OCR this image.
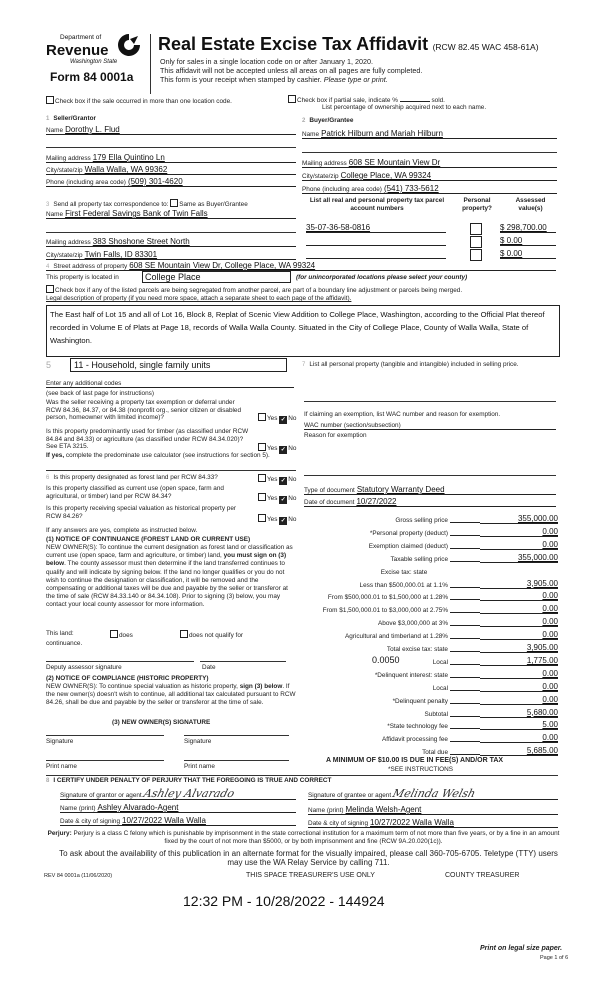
Department of
Revenue
Washington State
Form 84 0001a
Real Estate Excise Tax Affidavit (RCW 82.45 WAC 458-61A)
Only for sales in a single location code on or after January 1, 2020.
This affidavit will not be accepted unless all areas on all pages are fully completed.
This form is your receipt when stamped by cashier. Please type or print.
Check box if the sale occurred in more than one location code.	Check box if partial sale, indicate %	sold.
List percentage of ownership acquired next to each name.
1 Seller/Grantor
Name Dorothy L. Flud
Mailing address 179 Ella Quintino Ln
City/state/zip Walla Walla, WA 99362
Phone (including area code) (509) 301-4620
2 Buyer/Grantee
Name Patrick Hilburn and Mariah Hilburn
Mailing address 608 SE Mountain View Dr
City/state/zip College Place, WA 99324
Phone (including area code) (541) 733-5612
3 Send all property tax correspondence to: Same as Buyer/Grantee
Name First Federal Savings Bank of Twin Falls
Mailing address 383 Shoshone Street North
City/state/zip Twin Falls, ID 83301
List all real and personal property tax parcel account numbers
Personal property?
Assessed value(s)
35-07-36-58-0816	$ 298,700.00
$ 0.00
$ 0.00
4 Street address of property 608 SE Mountain View Dr, College Place, WA 99324
This property is located in	College Place	(for unincorporated locations please select your county)
Check box if any of the listed parcels are being segregated from another parcel, are part of a boundary line adjustment or parcels being merged.
Legal description of property (if you need more space, attach a separate sheet to each page of the affidavit).
The East half of Lot 15 and all of Lot 16, Block 8, Replat of Scenic View Addition to College Place, Washington, according to the Official Plat thereof recorded in Volume E of Plats at Page 18, records of Walla Walla County. Situated in the City of College Place, County of Walla Walla, State of Washington.
5	11 - Household, single family units
Enter any additional codes
(see back of last page for instructions)
Was the seller receiving a property tax exemption or deferral under RCW 84.36, 84.37, or 84.38 (nonprofit org., senior citizen or disabled person, homeowner with limited income)?	Yes ✓ No
Is this property predominantly used for timber (as classified under RCW 84.84 and 84.33) or agriculture (as classified under RCW 84.34.020)? See ETA 3215.	Yes ✓ No
If yes, complete the predominate use calculator (see instructions for section 5).
6 Is this property designated as forest land per RCW 84.33?	Yes ✓ No
Is this property classified as current use (open space, farm and agricultural, or timber) land per RCW 84.34?	Yes ✓ No
Is this property receiving special valuation as historical property per RCW 84.26?	Yes ✓ No
If any answers are yes, complete as instructed below.
(1) NOTICE OF CONTINUANCE (FOREST LAND OR CURRENT USE)
NEW OWNER(S): To continue the current designation as forest land or classification as current use (open space, farm and agriculture, or timber) land, you must sign on (3) below. The county assessor must then determine if the land transferred continues to qualify and will indicate by signing below. If the land no longer qualifies or you do not wish to continue the designation or classification, it will be removed and the compensating or additional taxes will be due and payable by the seller or transferor at the time of sale (RCW 84.33.140 or 84.34.108). Prior to signing (3) below, you may contact your local county assessor for more information.
This land:	does	does not qualify for
continuance.
Deputy assessor signature	Date
(2) NOTICE OF COMPLIANCE (HISTORIC PROPERTY)
NEW OWNER(S): To continue special valuation as historic property, sign (3) below. If the new owner(s) doesn't wish to continue, all additional tax calculated pursuant to RCW 84.26, shall be due and payable by the seller or transferor at the time of sale.
(3) NEW OWNER(S) SIGNATURE
Signature	Signature
Print name	Print name
7 List all personal property (tangible and intangible) included in selling price.
If claiming an exemption, list WAC number and reason for exemption.
WAC number (section/subsection)
Reason for exemption
Type of document Statutory Warranty Deed
Date of document 10/27/2022
Gross selling price	355,000.00
*Personal property (deduct)	0.00
Exemption claimed (deduct)	0.00
Taxable selling price	355,000.00
Excise tax: state
Less than $500,000.01 at 1.1%	3,905.00
From $500,000.01 to $1,500,000 at 1.28%	0.00
From $1,500,000.01 to $3,000,000 at 2.75%	0.00
Above $3,000,000 at 3%	0.00
Agricultural and timberland at 1.28%	0.00
Total excise tax: state	3,905.00
Local	1,775.00
*Delinquent interest: state	0.00
Local	0.00
*Delinquent penalty	0.00
Subtotal	5,680.00
*State technology fee	5.00
Affidavit processing fee	0.00
Total due	5,685.00
0.0050
A MINIMUM OF $10.00 IS DUE IN FEE(S) AND/OR TAX
*SEE INSTRUCTIONS
8 I CERTIFY UNDER PENALTY OF PERJURY THAT THE FOREGOING IS TRUE AND CORRECT
Signature of grantor or agent Ashley Alvarado	Signature of grantee or agent Melinda Welsh
Name (print) Ashley Alvarado-Agent	Name (print) Melinda Welsh-Agent
Date & city of signing 10/27/2022 Walla Walla	Date & city of signing 10/27/2022 Walla Walla
Perjury: Perjury is a class C felony which is punishable by imprisonment in the state correctional institution for a maximum term of not more than five years, or by a fine in an amount fixed by the court of not more than $5000, or by both imprisonment and fine (RCW 9A.20.020(1c)).
To ask about the availability of this publication in an alternate format for the visually impaired, please call 360-705-6705. Teletype (TTY) users may use the WA Relay Service by calling 711.
REV 84 0001a (11/06/2020)	THIS SPACE TREASURER'S USE ONLY	COUNTY TREASURER
12:32 PM - 10/28/2022 - 144924
Print on legal size paper.
Page 1 of 6
